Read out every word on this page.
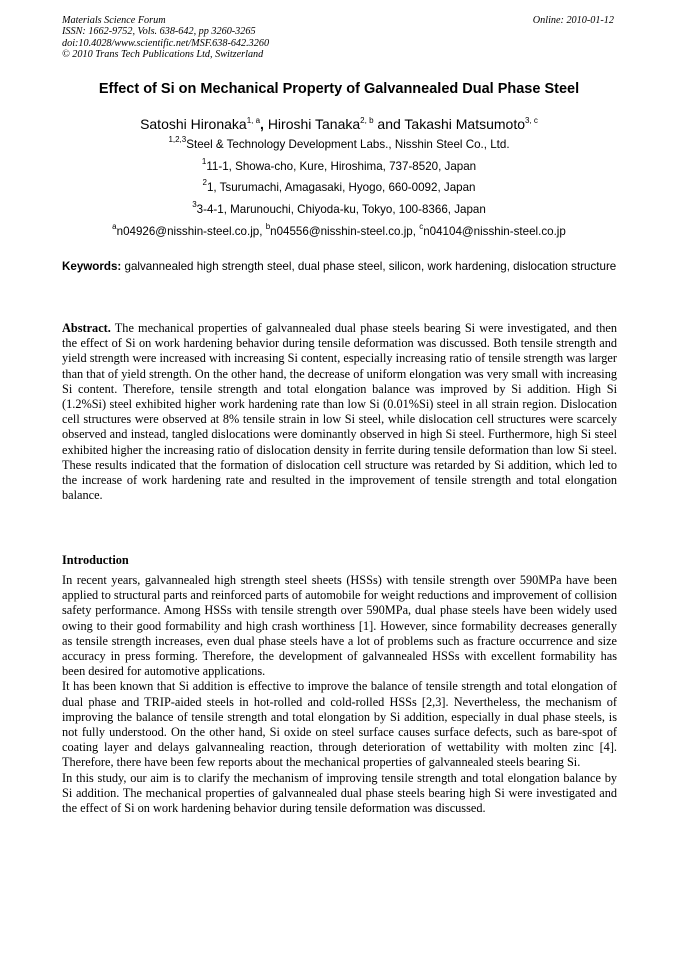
Materials Science Forum	Online: 2010-01-12
ISSN: 1662-9752, Vols. 638-642, pp 3260-3265
doi:10.4028/www.scientific.net/MSF.638-642.3260
© 2010 Trans Tech Publications Ltd, Switzerland
Effect of Si on Mechanical Property of Galvannealed Dual Phase Steel
Satoshi Hironaka$^{1, a}$, Hiroshi Tanaka$^{2, b}$ and Takashi Matsumoto$^{3, c}$
$^{1,2,3}$Steel & Technology Development Labs., Nisshin Steel Co., Ltd.
$^1$11-1, Showa-cho, Kure, Hiroshima, 737-8520, Japan
$^2$1, Tsurumachi, Amagasaki, Hyogo, 660-0092, Japan
$^3$3-4-1, Marunouchi, Chiyoda-ku, Tokyo, 100-8366, Japan
$^a$n04926@nisshin-steel.co.jp, $^b$n04556@nisshin-steel.co.jp, $^c$n04104@nisshin-steel.co.jp
Keywords: galvannealed high strength steel, dual phase steel, silicon, work hardening, dislocation structure

Abstract. The mechanical properties of galvannealed dual phase steels bearing Si were investigated, and then the effect of Si on work hardening behavior during tensile deformation was discussed. Both tensile strength and yield strength were increased with increasing Si content, especially increasing ratio of tensile strength was larger than that of yield strength. On the other hand, the decrease of uniform elongation was very small with increasing Si content. Therefore, tensile strength and total elongation balance was improved by Si addition. High Si (1.2%Si) steel exhibited higher work hardening rate than low Si (0.01%Si) steel in all strain region. Dislocation cell structures were observed at 8% tensile strain in low Si steel, while dislocation cell structures were scarcely observed and instead, tangled dislocations were dominantly observed in high Si steel. Furthermore, high Si steel exhibited higher the increasing ratio of dislocation density in ferrite during tensile deformation than low Si steel. These results indicated that the formation of dislocation cell structure was retarded by Si addition, which led to the increase of work hardening rate and resulted in the improvement of tensile strength and total elongation balance.

Introduction

In recent years, galvannealed high strength steel sheets (HSSs) with tensile strength over 590MPa have been applied to structural parts and reinforced parts of automobile for weight reductions and improvement of collision safety performance. Among HSSs with tensile strength over 590MPa, dual phase steels have been widely used owing to their good formability and high crash worthiness [1]. However, since formability decreases generally as tensile strength increases, even dual phase steels have a lot of problems such as fracture occurrence and size accuracy in press forming. Therefore, the development of galvannealed HSSs with excellent formability has been desired for automotive applications.

It has been known that Si addition is effective to improve the balance of tensile strength and total elongation of dual phase and TRIP-aided steels in hot-rolled and cold-rolled HSSs [2,3]. Nevertheless, the mechanism of improving the balance of tensile strength and total elongation by Si addition, especially in dual phase steels, is not fully understood. On the other hand, Si oxide on steel surface causes surface defects, such as bare-spot of coating layer and delays galvannealing reaction, through deterioration of wettability with molten zinc [4]. Therefore, there have been few reports about the mechanical properties of galvannealed steels bearing Si.

In this study, our aim is to clarify the mechanism of improving tensile strength and total elongation balance by Si addition. The mechanical properties of galvannealed dual phase steels bearing high Si were investigated and the effect of Si on work hardening behavior during tensile deformation was discussed.
